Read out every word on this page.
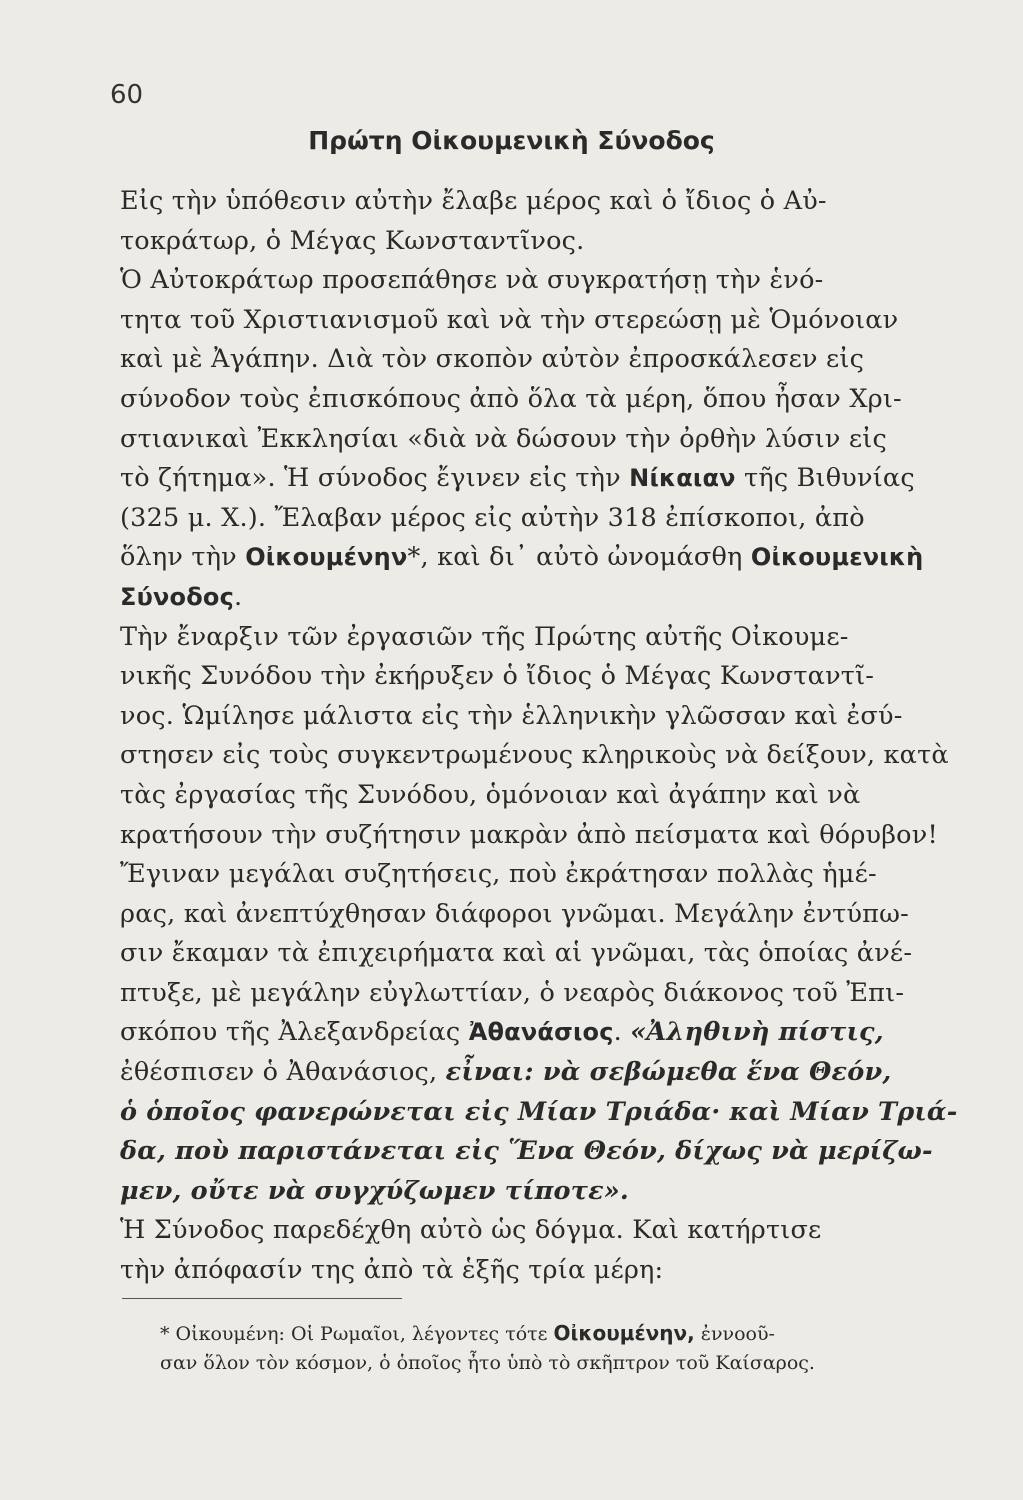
60
Πρώτη Οἰκουμενικὴ Σύνοδος
Εἰς τὴν ὑπόθεσιν αὐτὴν ἔλαβε μέρος καὶ ὁ ἴδιος ὁ Αὐ-
τοκράτωρ, ὁ Μέγας Κωνσταντῖνος.
Ὁ Αὐτοκράτωρ προσεπάθησε νὰ συγκρατήσῃ τὴν ἑνό-
τητα τοῦ Χριστιανισμοῦ καὶ νὰ τὴν στερεώσῃ μὲ Ὁμόνοιαν
καὶ μὲ Ἀγάπην. Διὰ τὸν σκοπὸν αὐτὸν ἐπροσκάλεσεν εἰς
σύνοδον τοὺς ἐπισκόπους ἀπὸ ὅλα τὰ μέρη, ὅπου ἦσαν Χρι-
στιανικαὶ Ἐκκλησίαι «διὰ νὰ δώσουν τὴν ὀρθὴν λύσιν εἰς
τὸ ζήτημα». Ἡ σύνοδος ἔγινεν εἰς τὴν Νίκαιαν τῆς Βιθυνίας
(325 μ. Χ.). Ἔλαβαν μέρος εἰς αὐτὴν 318 ἐπίσκοποι, ἀπὸ
ὅλην τὴν Οἰκουμένην*, καὶ δι᾽ αὐτὸ ὠνομάσθη Οἰκουμενικὴ
Σύνοδος.
Τὴν ἔναρξιν τῶν ἐργασιῶν τῆς Πρώτης αὐτῆς Οἰκουμε-
νικῆς Συνόδου τὴν ἐκήρυξεν ὁ ἴδιος ὁ Μέγας Κωνσταντῖ-
νος. Ὡμίλησε μάλιστα εἰς τὴν ἑλληνικὴν γλῶσσαν καὶ ἐσύ-
στησεν εἰς τοὺς συγκεντρωμένους κληρικοὺς νὰ δείξουν, κατὰ
τὰς ἐργασίας τῆς Συνόδου, ὁμόνοιαν καὶ ἀγάπην καὶ νὰ
κρατήσουν τὴν συζήτησιν μακρὰν ἀπὸ πείσματα καὶ θόρυβον!
Ἔγιναν μεγάλαι συζητήσεις, ποὺ ἐκράτησαν πολλὰς ἡμέ-
ρας, καὶ ἀνεπτύχθησαν διάφοροι γνῶμαι. Μεγάλην ἐντύπω-
σιν ἔκαμαν τὰ ἐπιχειρήματα καὶ αἱ γνῶμαι, τὰς ὁποίας ἀνέ-
πτυξε, μὲ μεγάλην εὐγλωττίαν, ὁ νεαρὸς διάκονος τοῦ Ἐπι-
σκόπου τῆς Ἀλεξανδρείας Ἀθανάσιος. «Ἀληθινὴ πίστις,
ἐθέσπισεν ὁ Ἀθανάσιος, εἶναι: νὰ σεβώμεθα ἕνα Θεόν,
ὁ ὁποῖος φανερώνεται εἰς Μίαν Τριάδα· καὶ Μίαν Τριά-
δα, ποὺ παριστάνεται εἰς Ἕνα Θεόν, δίχως νὰ μερίζω-
μεν, οὔτε νὰ συγχύζωμεν τίποτε».
Ἡ Σύνοδος παρεδέχθη αὐτὸ ὡς δόγμα. Καὶ κατήρτισε
τὴν ἀπόφασίν της ἀπὸ τὰ ἑξῆς τρία μέρη:
* Οἰκουμένη: Οἱ Ρωμαῖοι, λέγοντες τότε Οἰκουμένην, ἐννοοῦ-
σαν ὅλον τὸν κόσμον, ὁ ὁποῖος ἦτο ὑπὸ τὸ σκῆπτρον τοῦ Καίσαρος.
